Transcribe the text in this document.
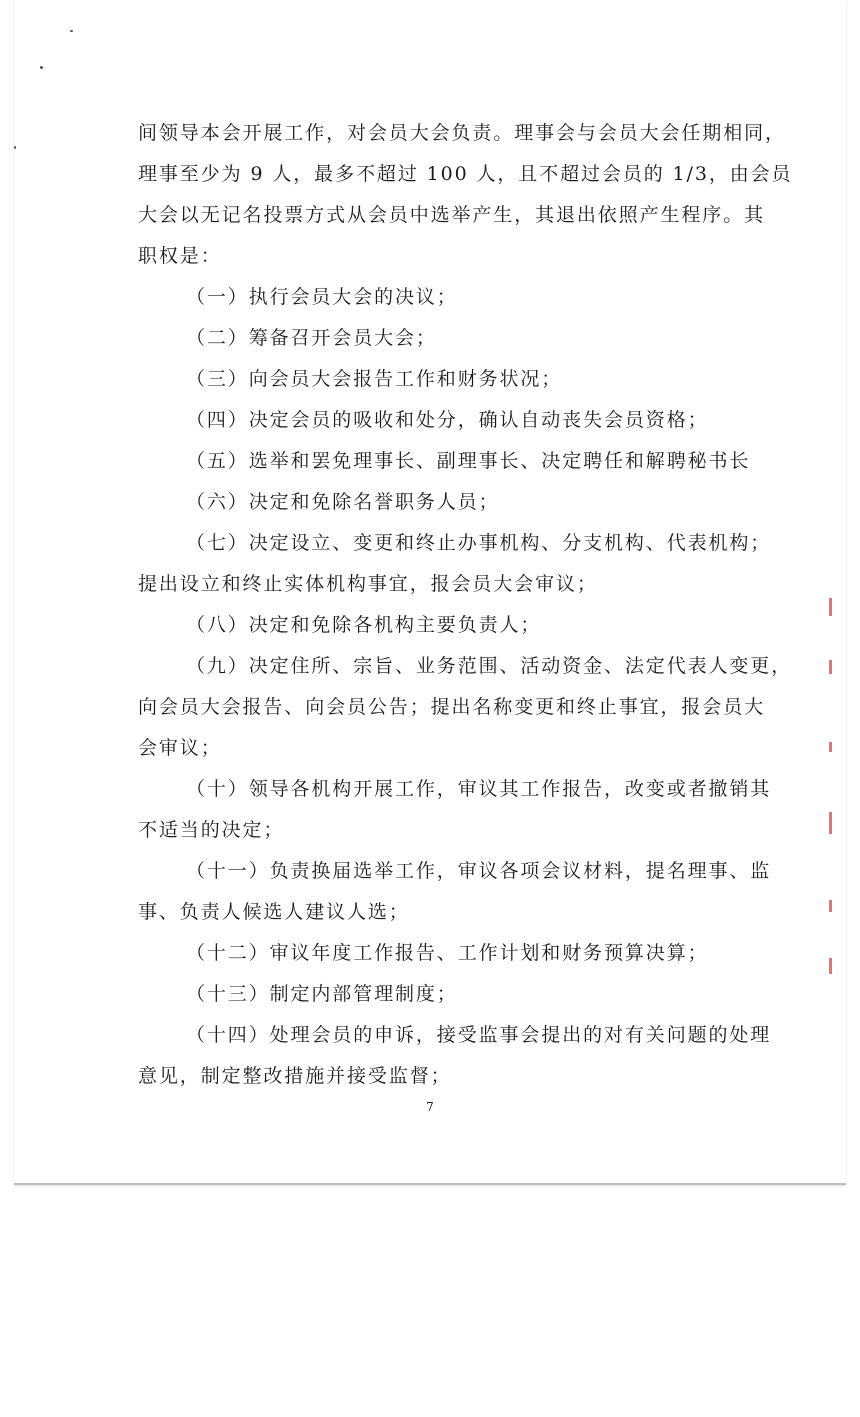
间领导本会开展工作，对会员大会负责。理事会与会员大会任期相同，
理事至少为 9 人，最多不超过 100 人，且不超过会员的 1/3，由会员
大会以无记名投票方式从会员中选举产生，其退出依照产生程序。其
职权是：
（一）执行会员大会的决议；
（二）筹备召开会员大会；
（三）向会员大会报告工作和财务状况；
（四）决定会员的吸收和处分，确认自动丧失会员资格；
（五）选举和罢免理事长、副理事长、决定聘任和解聘秘书长
（六）决定和免除名誉职务人员；
（七）决定设立、变更和终止办事机构、分支机构、代表机构；
提出设立和终止实体机构事宜，报会员大会审议；
（八）决定和免除各机构主要负责人；
（九）决定住所、宗旨、业务范围、活动资金、法定代表人变更，
向会员大会报告、向会员公告；提出名称变更和终止事宜，报会员大
会审议；
（十）领导各机构开展工作，审议其工作报告，改变或者撤销其
不适当的决定；
（十一）负责换届选举工作，审议各项会议材料，提名理事、监
事、负责人候选人建议人选；
（十二）审议年度工作报告、工作计划和财务预算决算；
（十三）制定内部管理制度；
（十四）处理会员的申诉，接受监事会提出的对有关问题的处理
意见，制定整改措施并接受监督；
7
